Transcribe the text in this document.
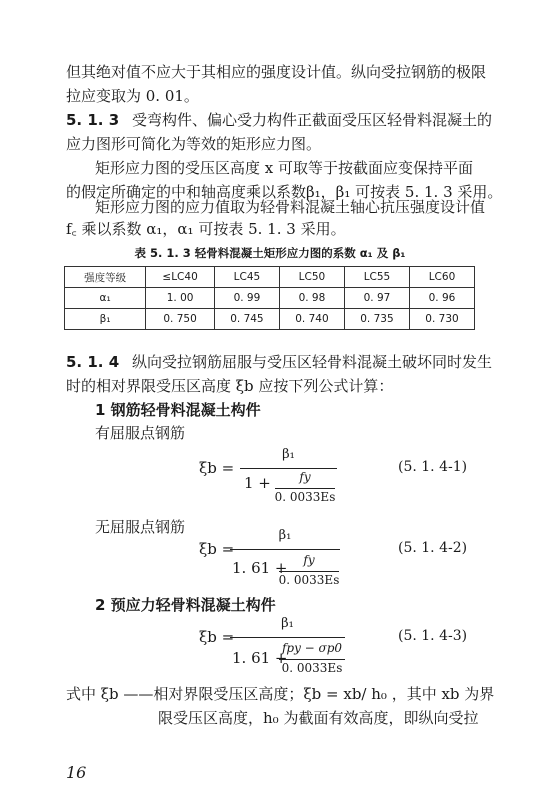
但其绝对值不应大于其相应的强度设计值。纵向受拉钢筋的极限
拉应变取为 0. 01。
5. 1. 3 受弯构件、偏心受力构件正截面受压区轻骨料混凝土的
应力图形可简化为等效的矩形应力图。
矩形应力图的受压区高度 x 可取等于按截面应变保持平面
的假定所确定的中和轴高度乘以系数β₁，β₁ 可按表 5. 1. 3 采用。
矩形应力图的应力值取为轻骨料混凝土轴心抗压强度设计值
f꜀ 乘以系数 α₁，α₁ 可按表 5. 1. 3 采用。
表 5. 1. 3 轻骨料混凝土矩形应力图的系数 α₁ 及 β₁
强度等级	≤LC40	LC45	LC50	LC55	LC60
α₁	1. 00	0. 99	0. 98	0. 97	0. 96
β₁	0. 750	0. 745	0. 740	0. 735	0. 730
5. 1. 4 纵向受拉钢筋屈服与受压区轻骨料混凝土破坏同时发生
时的相对界限受压区高度 ξb 应按下列公式计算：
1 钢筋轻骨料混凝土构件
有屈服点钢筋
ξb =
β₁
1 +	fy
0. 0033Es
(5. 1. 4-1)
无屈服点钢筋
ξb =
β₁
1. 61 +	fy
0. 0033Es
(5. 1. 4-2)
2 预应力轻骨料混凝土构件
ξb =
β₁
1. 61 +
fpy − σp0
0. 0033Es
(5. 1. 4-3)
式中 ξb ——相对界限受压区高度；ξb = xb/ h₀ ，其中 xb 为界
限受压区高度，h₀ 为截面有效高度，即纵向受拉
16
